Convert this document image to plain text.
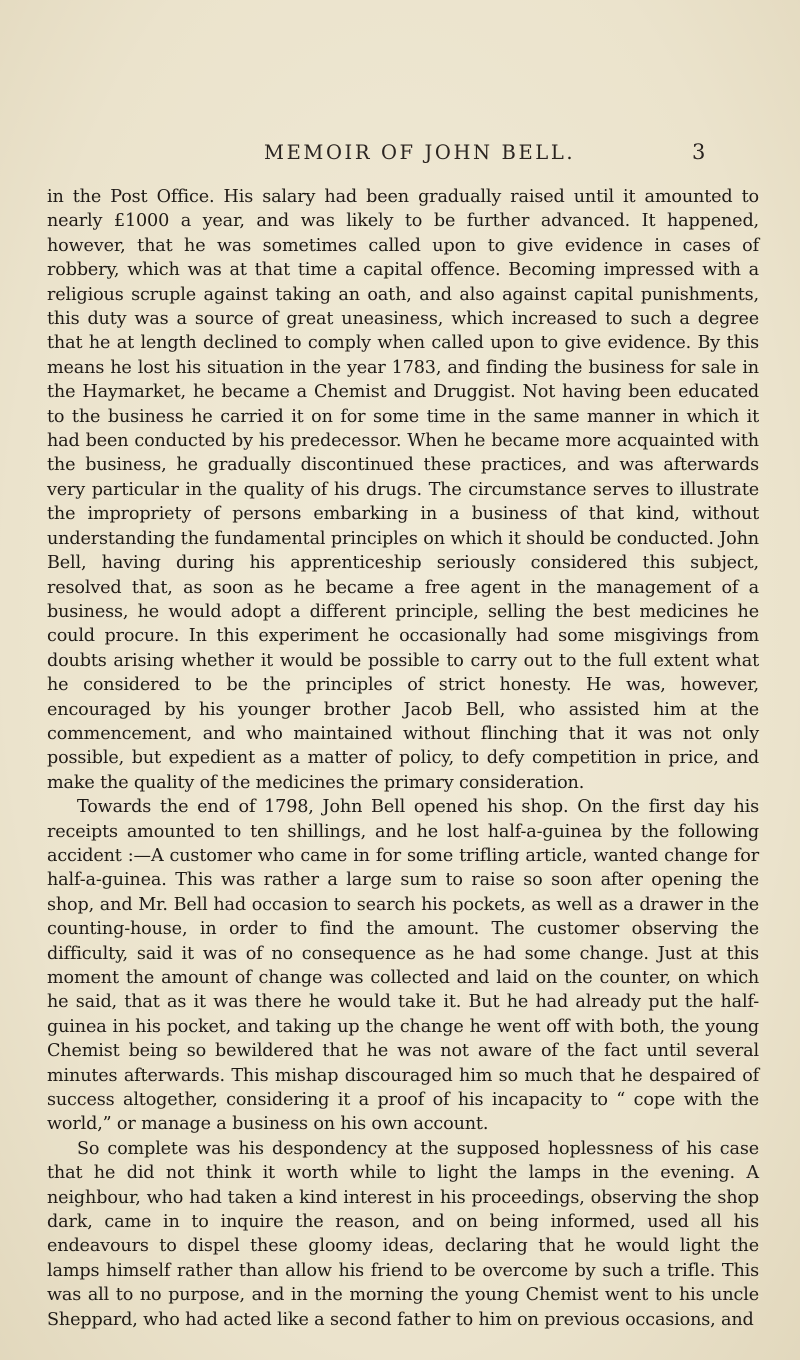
MEMOIR OF JOHN BELL.	3

in the Post Office. His salary had been gradually raised until it amounted to nearly £1000 a year, and was likely to be further advanced. It happened, however, that he was sometimes called upon to give evidence in cases of robbery, which was at that time a capital offence. Becoming impressed with a religious scruple against taking an oath, and also against capital punishments, this duty was a source of great uneasiness, which increased to such a degree that he at length declined to comply when called upon to give evidence. By this means he lost his situation in the year 1783, and finding the business for sale in the Haymarket, he became a Chemist and Druggist. Not having been educated to the business he carried it on for some time in the same manner in which it had been conducted by his predecessor. When he became more acquainted with the business, he gradually discontinued these practices, and was afterwards very particular in the quality of his drugs. The circumstance serves to illustrate the impropriety of persons embarking in a business of that kind, without understanding the fundamental principles on which it should be conducted. John Bell, having during his apprenticeship seriously considered this subject, resolved that, as soon as he became a free agent in the management of a business, he would adopt a different principle, selling the best medicines he could procure. In this experiment he occasionally had some misgivings from doubts arising whether it would be possible to carry out to the full extent what he considered to be the principles of strict honesty. He was, however, encouraged by his younger brother Jacob Bell, who assisted him at the commencement, and who maintained without flinching that it was not only possible, but expedient as a matter of policy, to defy competition in price, and make the quality of the medicines the primary consideration.

Towards the end of 1798, John Bell opened his shop. On the first day his receipts amounted to ten shillings, and he lost half-a-guinea by the following accident :—A customer who came in for some trifling article, wanted change for half-a-guinea. This was rather a large sum to raise so soon after opening the shop, and Mr. Bell had occasion to search his pockets, as well as a drawer in the counting-house, in order to find the amount. The customer observing the difficulty, said it was of no consequence as he had some change. Just at this moment the amount of change was collected and laid on the counter, on which he said, that as it was there he would take it. But he had already put the half-guinea in his pocket, and taking up the change he went off with both, the young Chemist being so bewildered that he was not aware of the fact until several minutes afterwards. This mishap discouraged him so much that he despaired of success altogether, considering it a proof of his incapacity to “ cope with the world,” or manage a business on his own account.

So complete was his despondency at the supposed hoplessness of his case that he did not think it worth while to light the lamps in the evening. A neighbour, who had taken a kind interest in his proceedings, observing the shop dark, came in to inquire the reason, and on being informed, used all his endeavours to dispel these gloomy ideas, declaring that he would light the lamps himself rather than allow his friend to be overcome by such a trifle. This was all to no purpose, and in the morning the young Chemist went to his uncle Sheppard, who had acted like a second father to him on previous occasions, and
